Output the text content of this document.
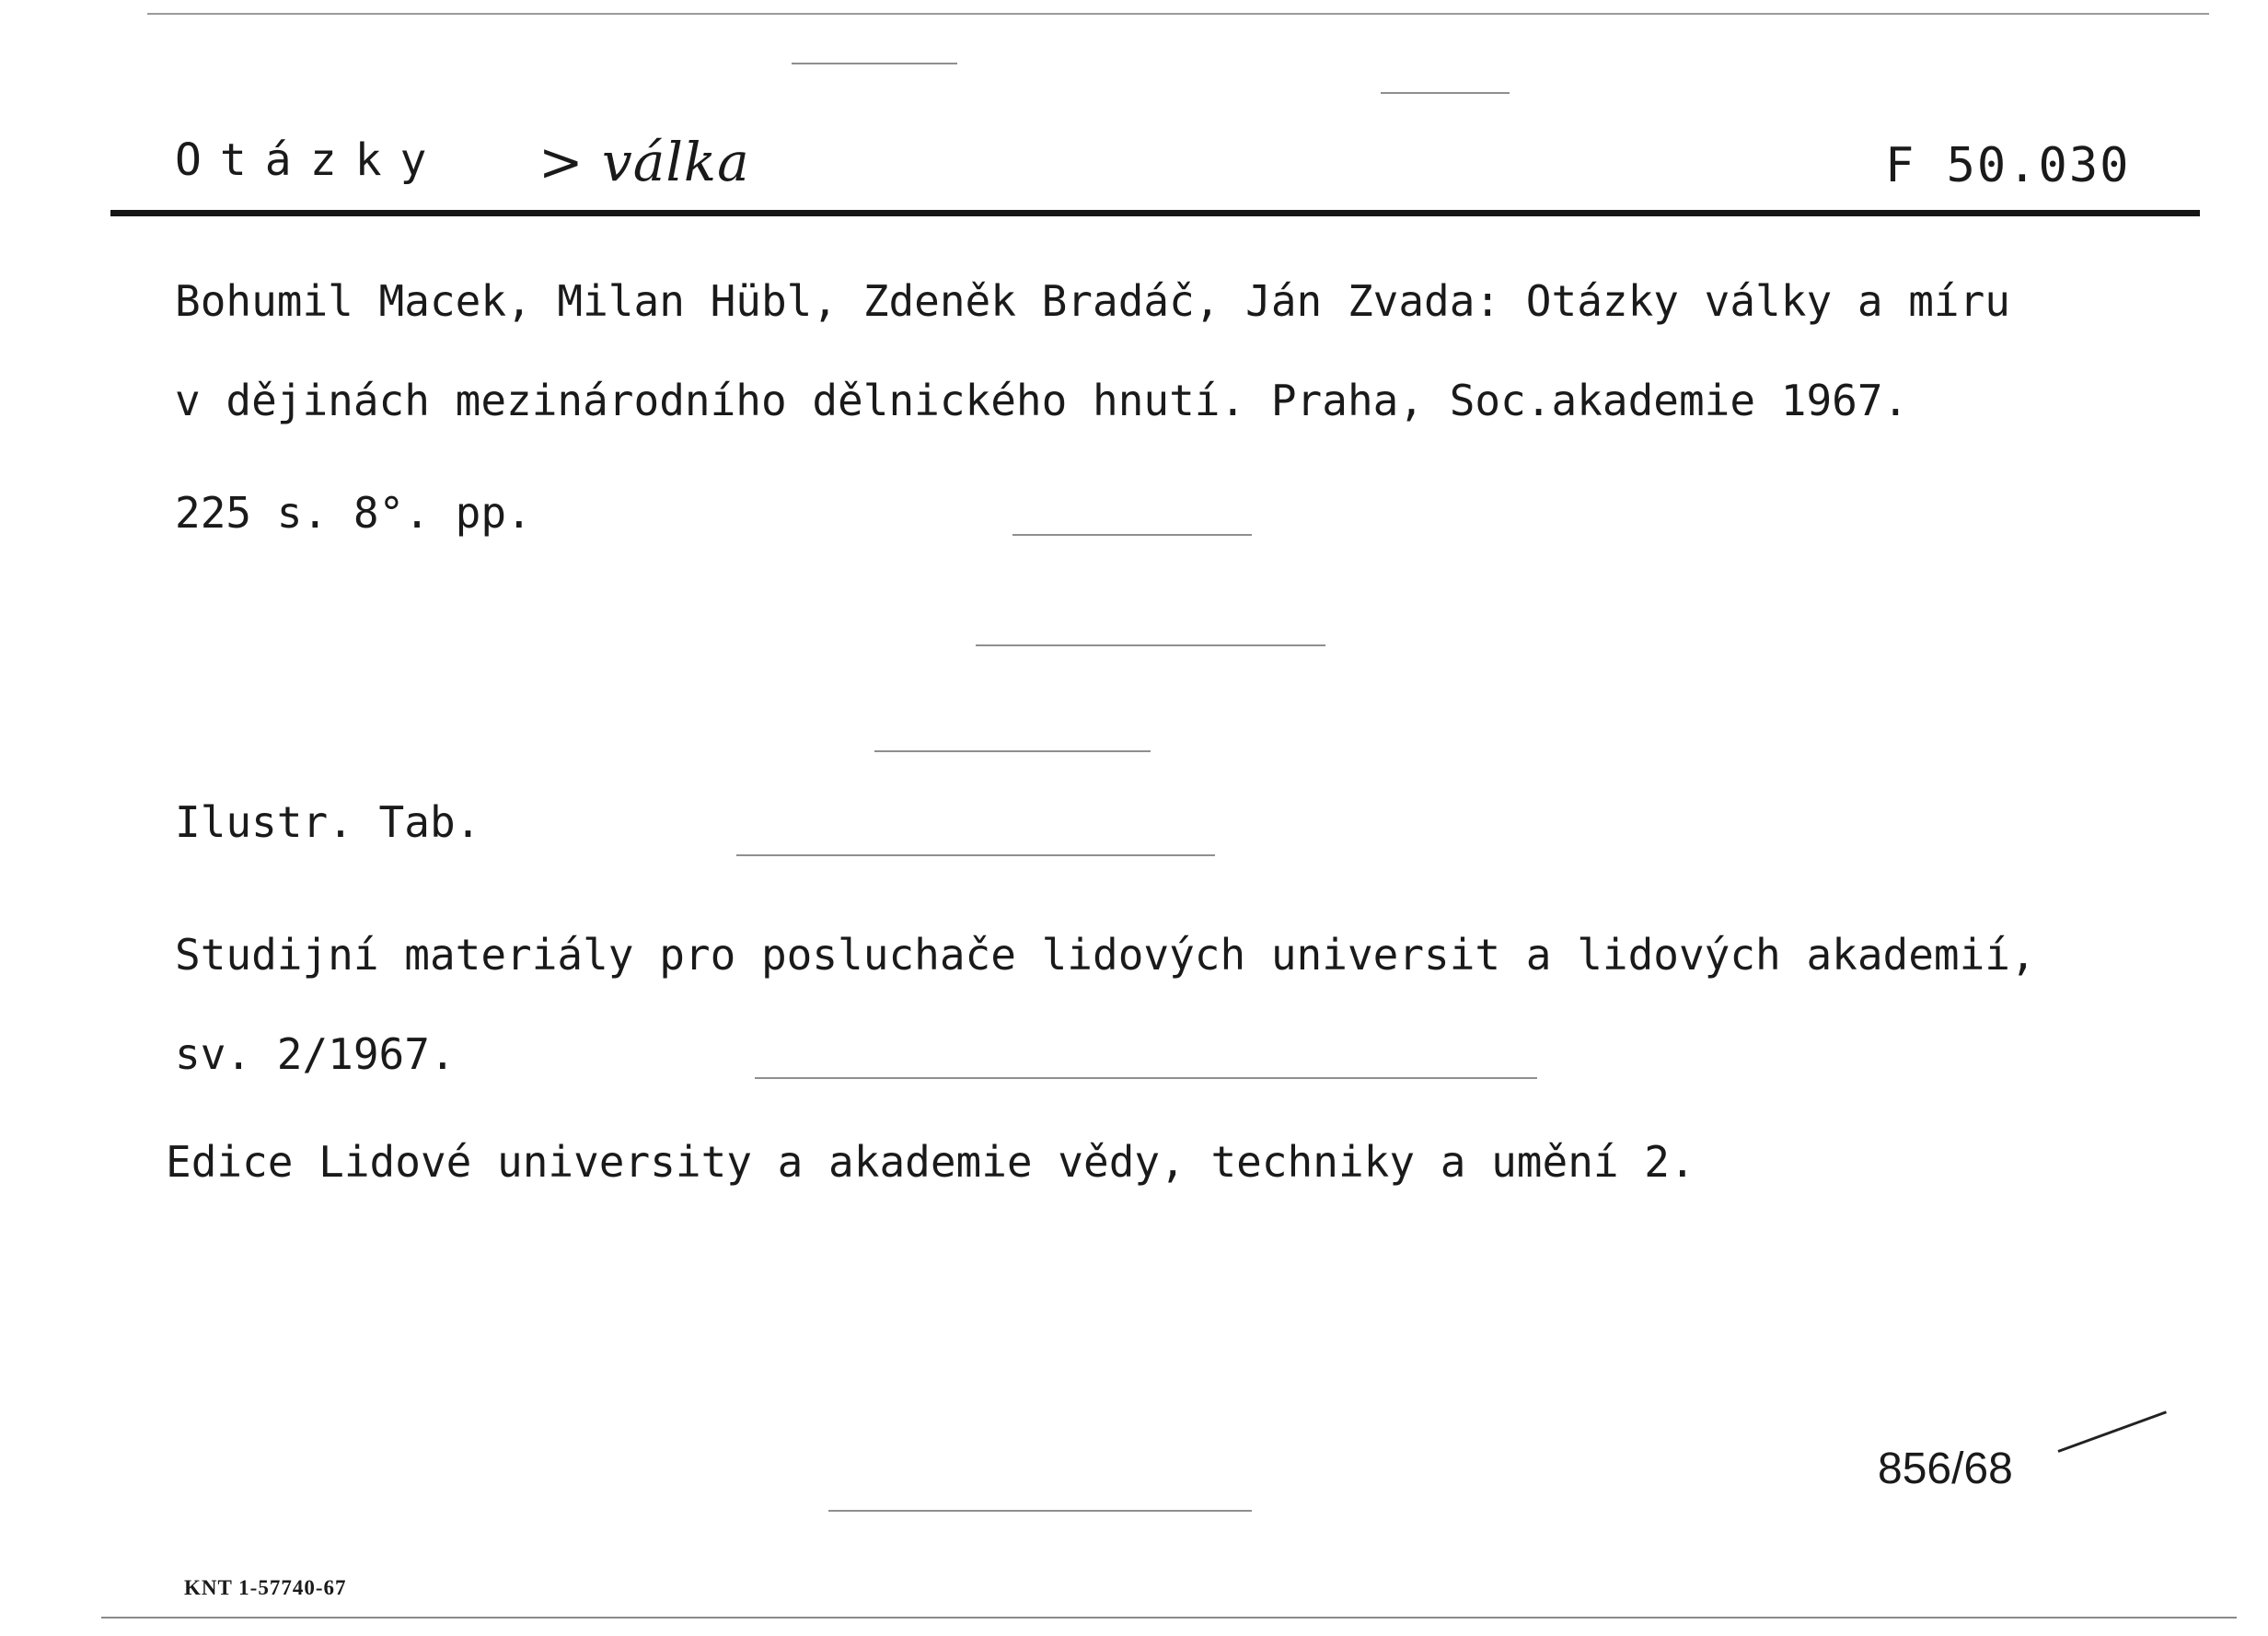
Otázky > válka	F 50.030
Bohumil Macek, Milan Hübl, Zdeněk Bradáč, Ján Zvada: Otázky války a míru
v dějinách mezinárodního dělnického hnutí. Praha, Soc.akademie 1967.
225 s. 8°. pp.
Ilustr. Tab.
Studijní materiály pro posluchače lidových universit a lidových akademií,
sv. 2/1967.
Edice Lidové university a akademie vědy, techniky a umění 2.
856/68
KNT 1-57740-67
